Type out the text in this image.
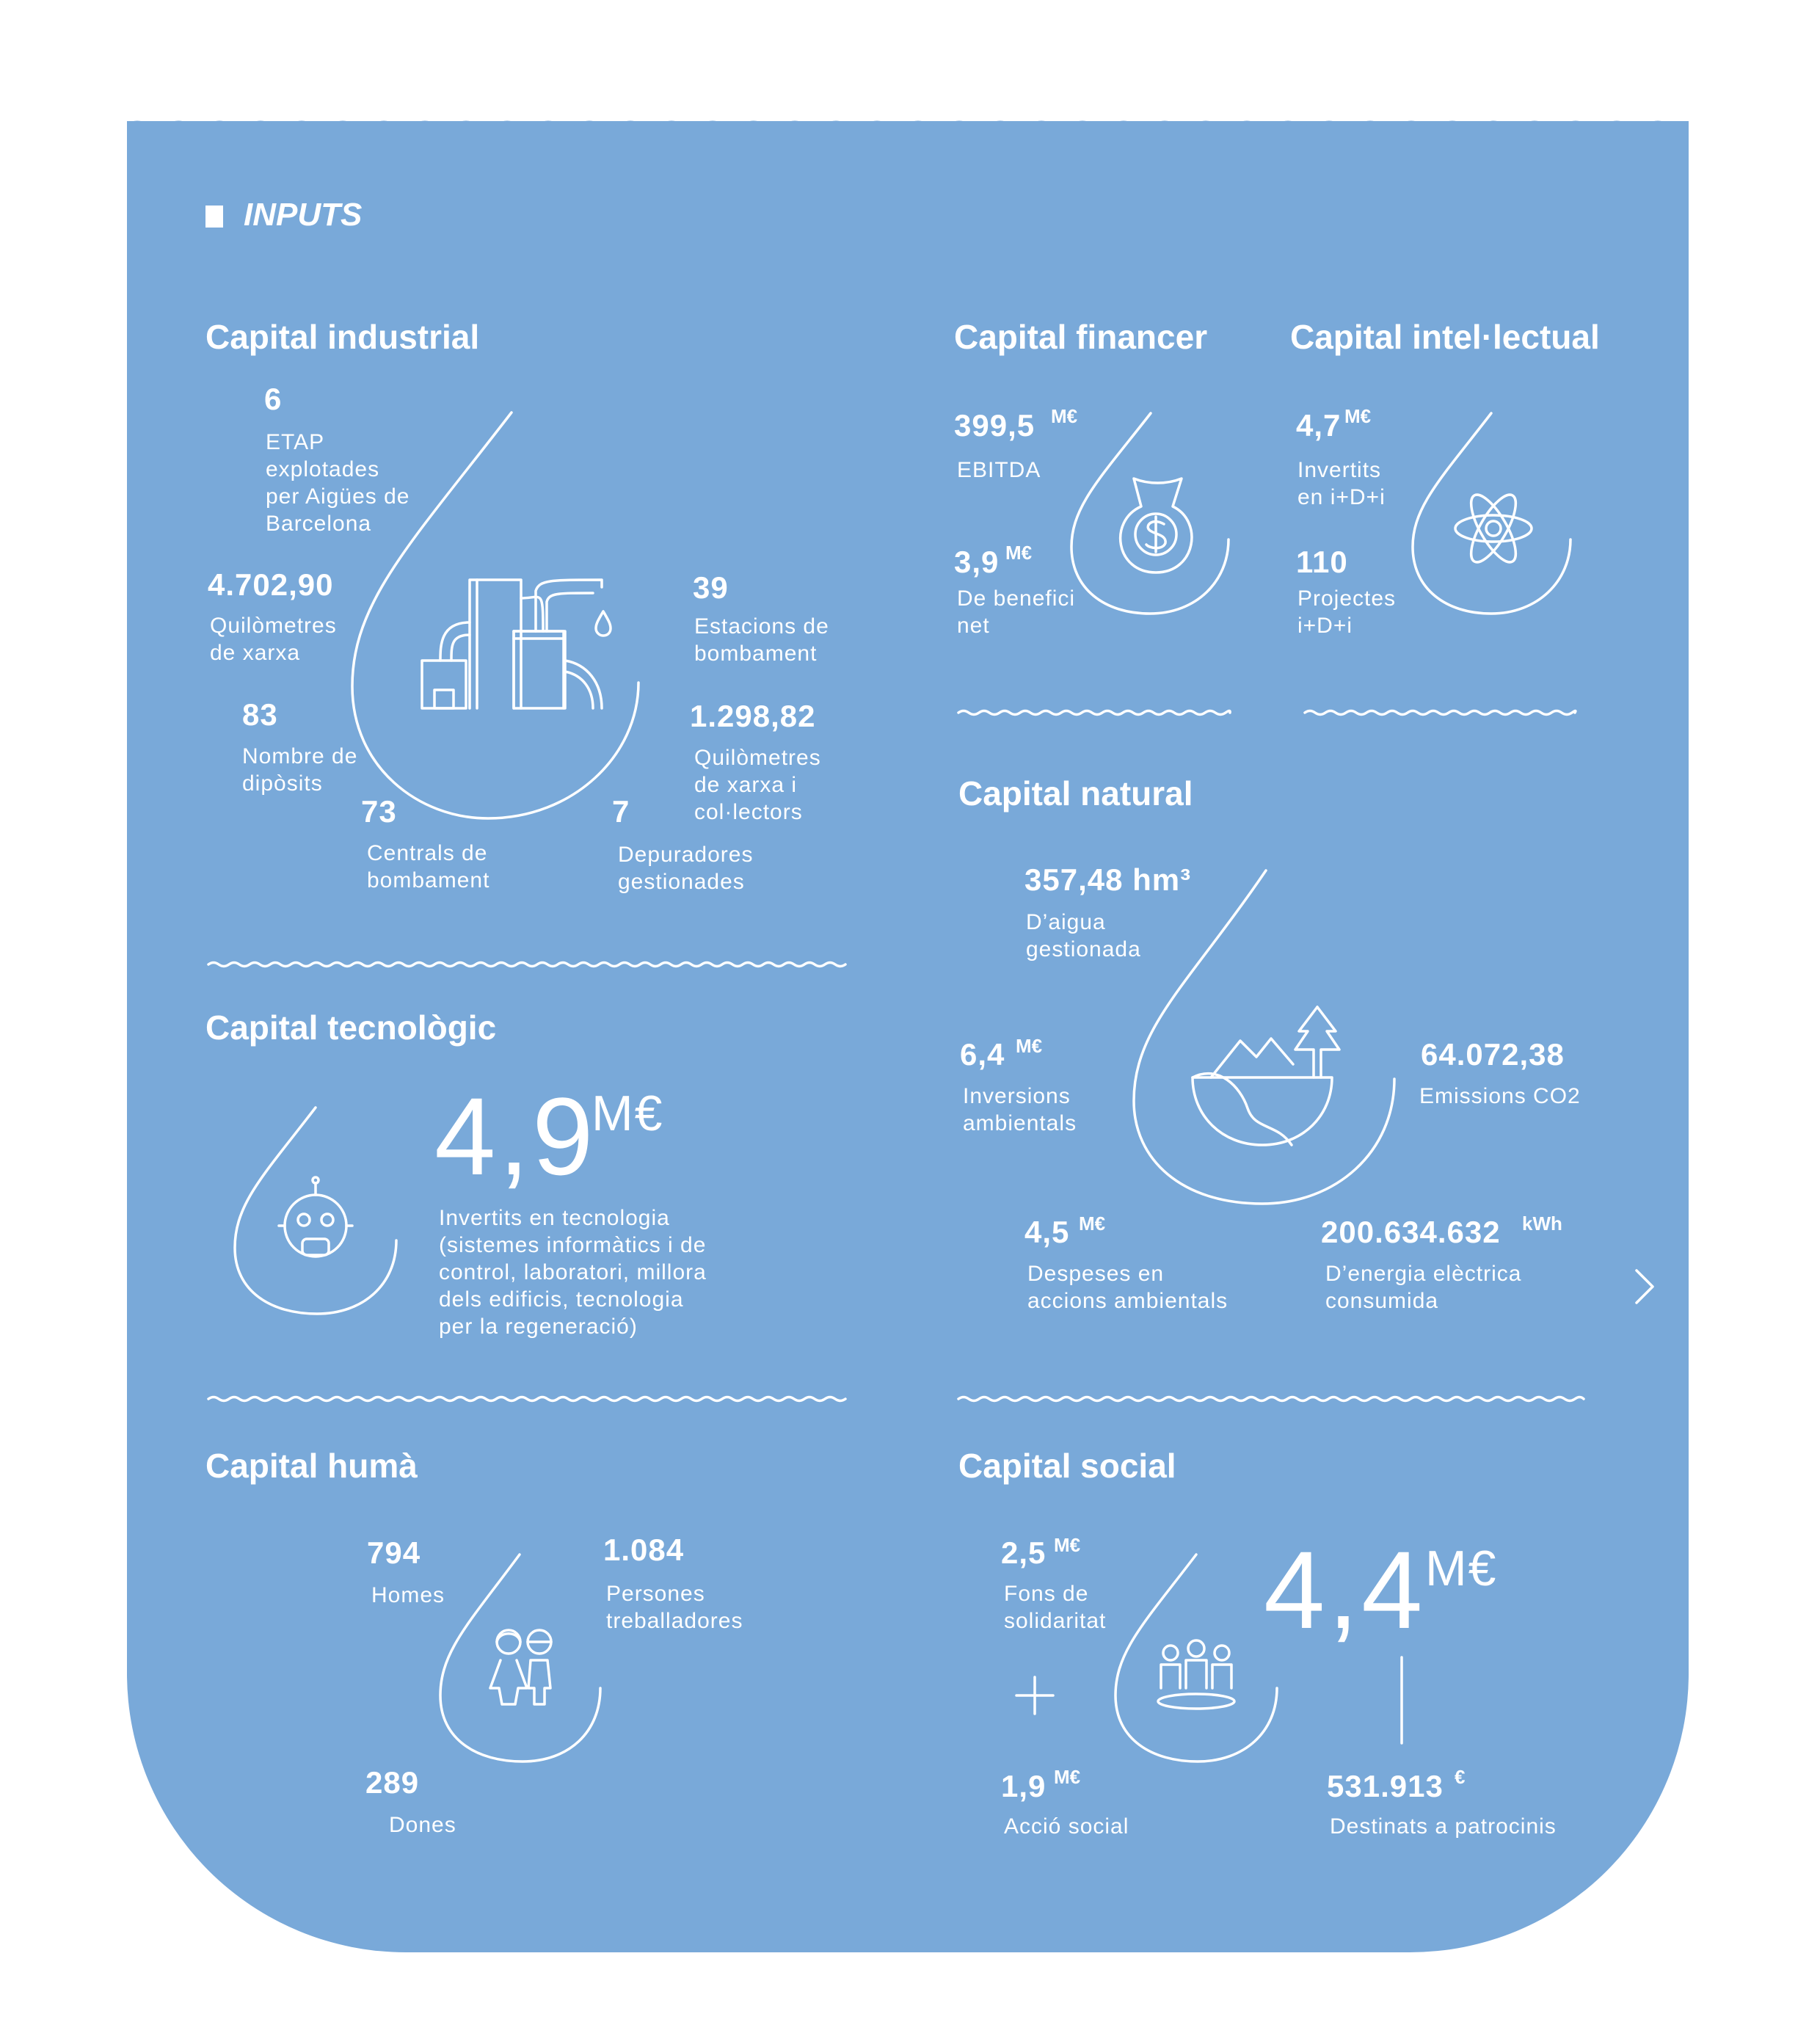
INPUTS
Capital industrial
6
ETAP
explotades
per Aigües de
Barcelona
4.702,90
Quilòmetres
de xarxa
83
Nombre de
dipòsits
73
Centrals de
bombament
7
Depuradores
gestionades
39
Estacions de
bombament
1.298,82
Quilòmetres
de xarxa i
col·lectors
Capital financer
399,5 M€
EBITDA
3,9 M€
De benefici
net
Capital intel·lectual
4,7 M€
Invertits
en i+D+i
110
Projectes
i+D+i
Capital natural
357,48 hm³
D’aigua
gestionada
6,4 M€
Inversions
ambientals
64.072,38
Emissions CO2
4,5 M€
Despeses en
accions ambientals
200.634.632 kWh
D’energia elèctrica
consumida
Capital tecnològic
4,9
M€
Invertits en tecnologia
(sistemes informàtics i de
control, laboratori, millora
dels edificis, tecnologia
per la regeneració)
Capital humà
794
Homes
1.084
Persones
treballadores
289
Dones
Capital social
2,5 M€
Fons de
solidaritat
1,9 M€
Acció social
4,4 M€
531.913 €
Destinats a patrocinis
